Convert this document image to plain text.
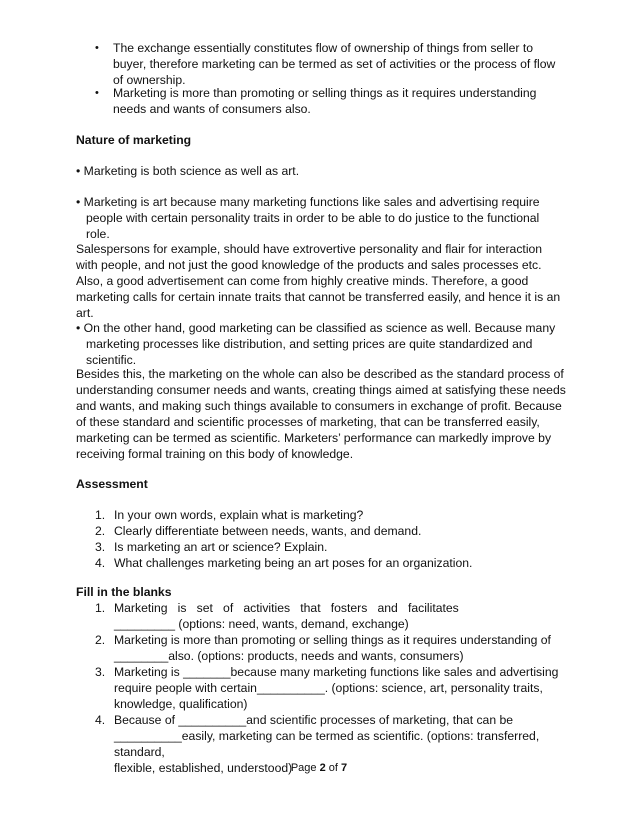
• The exchange essentially constitutes flow of ownership of things from seller to buyer, therefore marketing can be termed as set of activities or the process of flow of ownership.

• Marketing is more than promoting or selling things as it requires understanding needs and wants of consumers also.

Nature of marketing

• Marketing is both science as well as art.

• Marketing is art because many marketing functions like sales and advertising require people with certain personality traits in order to be able to do justice to the functional role.

Salespersons for example, should have extrovertive personality and flair for interaction with people, and not just the good knowledge of the products and sales processes etc. Also, a good advertisement can come from highly creative minds. Therefore, a good marketing calls for certain innate traits that cannot be transferred easily, and hence it is an art.

• On the other hand, good marketing can be classified as science as well. Because many marketing processes like distribution, and setting prices are quite standardized and scientific.

Besides this, the marketing on the whole can also be described as the standard process of understanding consumer needs and wants, creating things aimed at satisfying these needs and wants, and making such things available to consumers in exchange of profit. Because of these standard and scientific processes of marketing, that can be transferred easily, marketing can be termed as scientific. Marketers’ performance can markedly improve by receiving formal training on this body of knowledge.

Assessment
1. In your own words, explain what is marketing?
2. Clearly differentiate between needs, wants, and demand.
3. Is marketing an art or science? Explain.
4. What challenges marketing being an art poses for an organization.
Fill in the blanks
1. Marketing   is   set   of   activities   that   fosters   and   facilitates
_________ (options: need, wants, demand, exchange)
2. Marketing is more than promoting or selling things as it requires understanding of
________also. (options: products, needs and wants, consumers)
3. Marketing is _______because many marketing functions like sales and advertising
require people with certain__________. (options: science, art, personality traits,
knowledge, qualification)
4. Because of __________and scientific processes of marketing, that can be
__________easily, marketing can be termed as scientific. (options: transferred, standard,
flexible, established, understood)
Page 2 of 7
